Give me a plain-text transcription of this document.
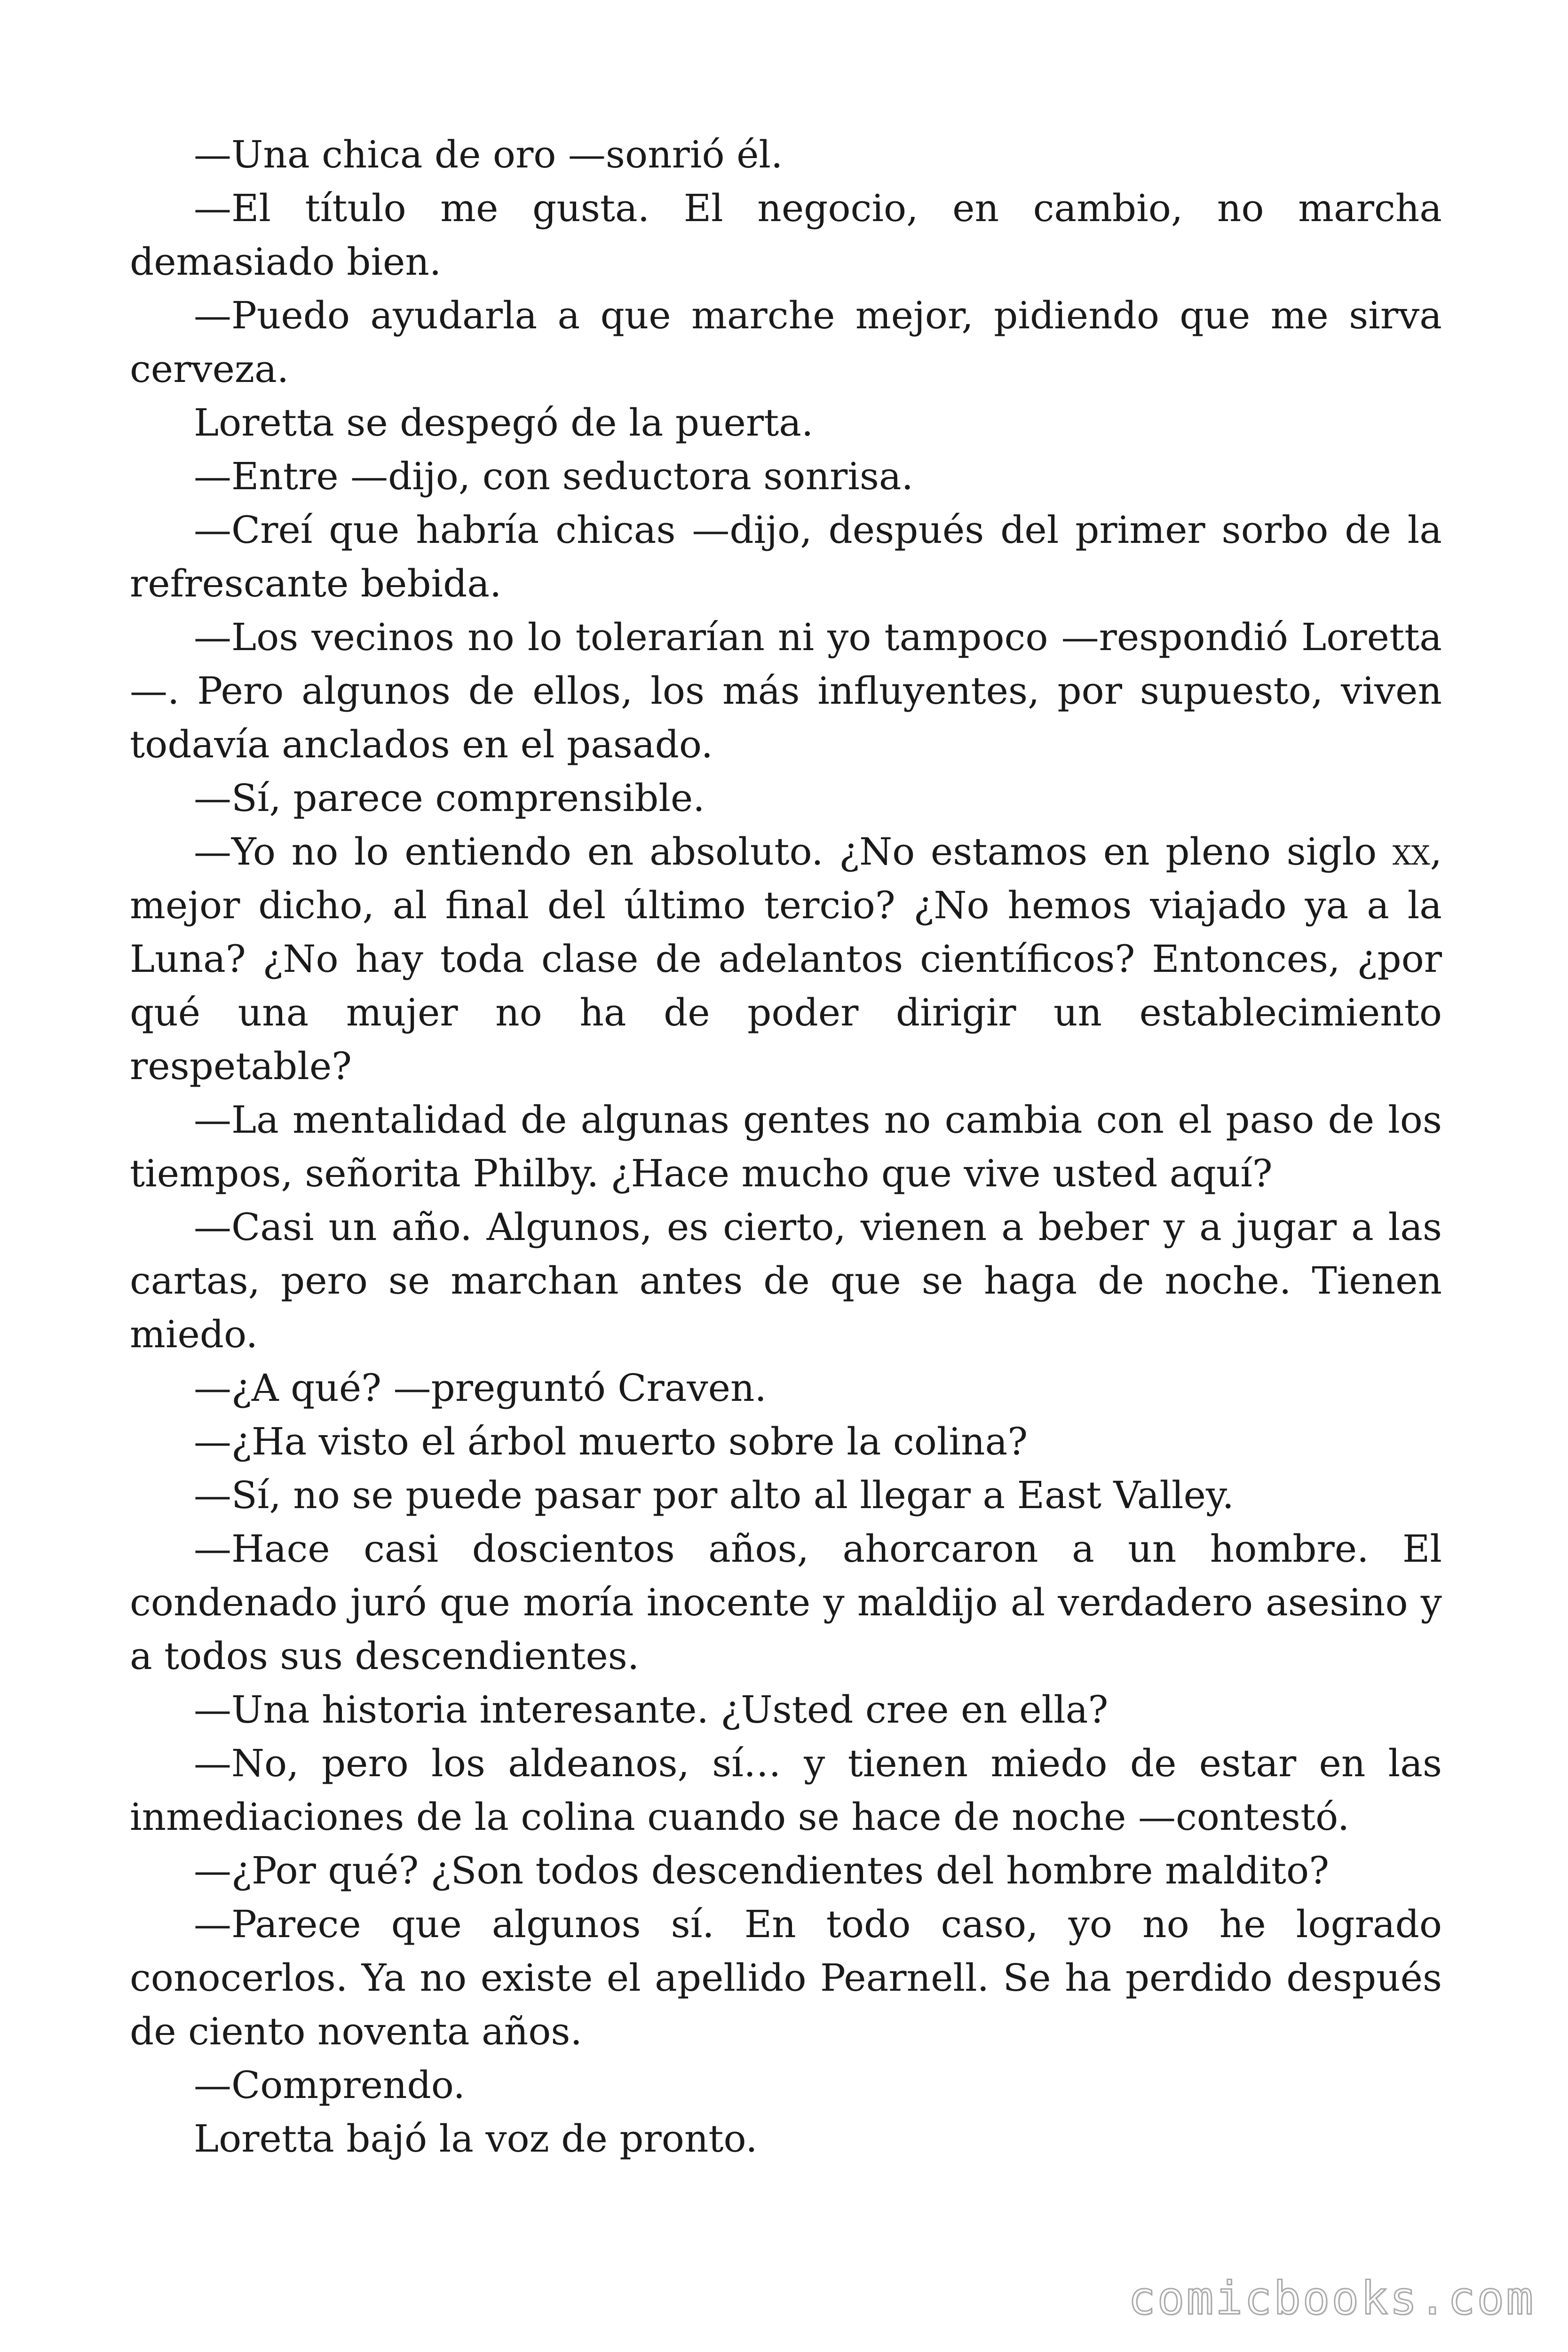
—Una chica de oro —sonrió él.

—El título me gusta. El negocio, en cambio, no marcha demasiado bien.

—Puedo ayudarla a que marche mejor, pidiendo que me sirva cerveza.

Loretta se despegó de la puerta.

—Entre —dijo, con seductora sonrisa.

—Creí que habría chicas —dijo, después del primer sorbo de la refrescante bebida.

—Los vecinos no lo tolerarían ni yo tampoco —respondió Loretta—. Pero algunos de ellos, los más influyentes, por supuesto, viven todavía anclados en el pasado.

—Sí, parece comprensible.

—Yo no lo entiendo en absoluto. ¿No estamos en pleno siglo xx, mejor dicho, al final del último tercio? ¿No hemos viajado ya a la Luna? ¿No hay toda clase de adelantos científicos? Entonces, ¿por qué una mujer no ha de poder dirigir un establecimiento respetable?

—La mentalidad de algunas gentes no cambia con el paso de los tiempos, señorita Philby. ¿Hace mucho que vive usted aquí?

—Casi un año. Algunos, es cierto, vienen a beber y a jugar a las cartas, pero se marchan antes de que se haga de noche. Tienen miedo.

—¿A qué? —preguntó Craven.

—¿Ha visto el árbol muerto sobre la colina?

—Sí, no se puede pasar por alto al llegar a East Valley.

—Hace casi doscientos años, ahorcaron a un hombre. El condenado juró que moría inocente y maldijo al verdadero asesino y a todos sus descendientes.

—Una historia interesante. ¿Usted cree en ella?

—No, pero los aldeanos, sí… y tienen miedo de estar en las inmediaciones de la colina cuando se hace de noche —contestó.

—¿Por qué? ¿Son todos descendientes del hombre maldito?

—Parece que algunos sí. En todo caso, yo no he logrado conocerlos. Ya no existe el apellido Pearnell. Se ha perdido después de ciento noventa años.

—Comprendo.

Loretta bajó la voz de pronto.

comicbooks.com
